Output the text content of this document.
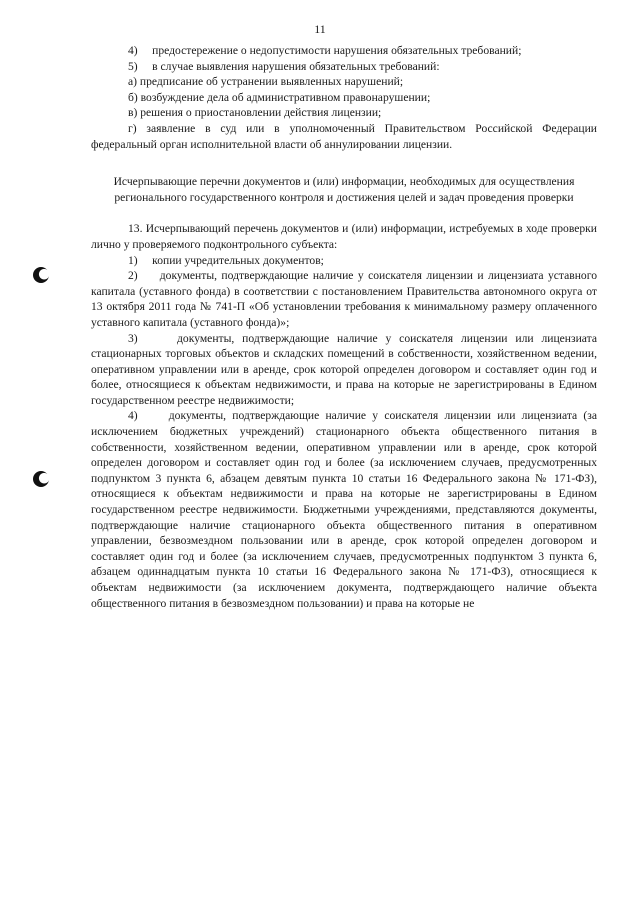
11

4)     предостережение о недопустимости нарушения обязательных требований;

5)     в случае выявления нарушения обязательных требований:

а) предписание об устранении выявленных нарушений;

б) возбуждение дела об административном правонарушении;

в) решения о приостановлении действия лицензии;

г) заявление в суд или в уполномоченный Правительством Российской Федерации федеральный орган исполнительной власти об аннулировании лицензии.

Исчерпывающие перечни документов и (или) информации, необходимых для осуществления регионального государственного контроля и достижения целей и задач проведения проверки

13. Исчерпывающий перечень документов и (или) информации, истребуемых в ходе проверки лично у проверяемого подконтрольного субъекта:

1)     копии учредительных документов;

2)     документы, подтверждающие наличие у соискателя лицензии и лицензиата уставного капитала (уставного фонда) в соответствии с постановлением Правительства автономного округа от 13 октября 2011 года № 741-П «Об установлении требования к минимальному размеру оплаченного уставного капитала (уставного фонда)»;

3)     документы, подтверждающие наличие у соискателя лицензии или лицензиата стационарных торговых объектов и складских помещений в собственности, хозяйственном ведении, оперативном управлении или в аренде, срок которой определен договором и составляет один год и более, относящиеся к объектам недвижимости, и права на которые не зарегистрированы в Едином государственном реестре недвижимости;

4)     документы, подтверждающие наличие у соискателя лицензии или лицензиата (за исключением бюджетных учреждений) стационарного объекта общественного питания в собственности, хозяйственном ведении, оперативном управлении или в аренде, срок которой определен договором и составляет один год и более (за исключением случаев, предусмотренных подпунктом 3 пункта 6, абзацем девятым пункта 10 статьи 16 Федерального закона № 171-ФЗ), относящиеся к объектам недвижимости и права на которые не зарегистрированы в Едином государственном реестре недвижимости. Бюджетными учреждениями, представляются документы, подтверждающие наличие стационарного объекта общественного питания в оперативном управлении, безвозмездном пользовании или в аренде, срок которой определен договором и составляет один год и более (за исключением случаев, предусмотренных подпунктом 3 пункта 6, абзацем одиннадцатым пункта 10 статьи 16 Федерального закона № 171-ФЗ), относящиеся к объектам недвижимости (за исключением документа, подтверждающего наличие объекта общественного питания в безвозмездном пользовании) и права на которые не
